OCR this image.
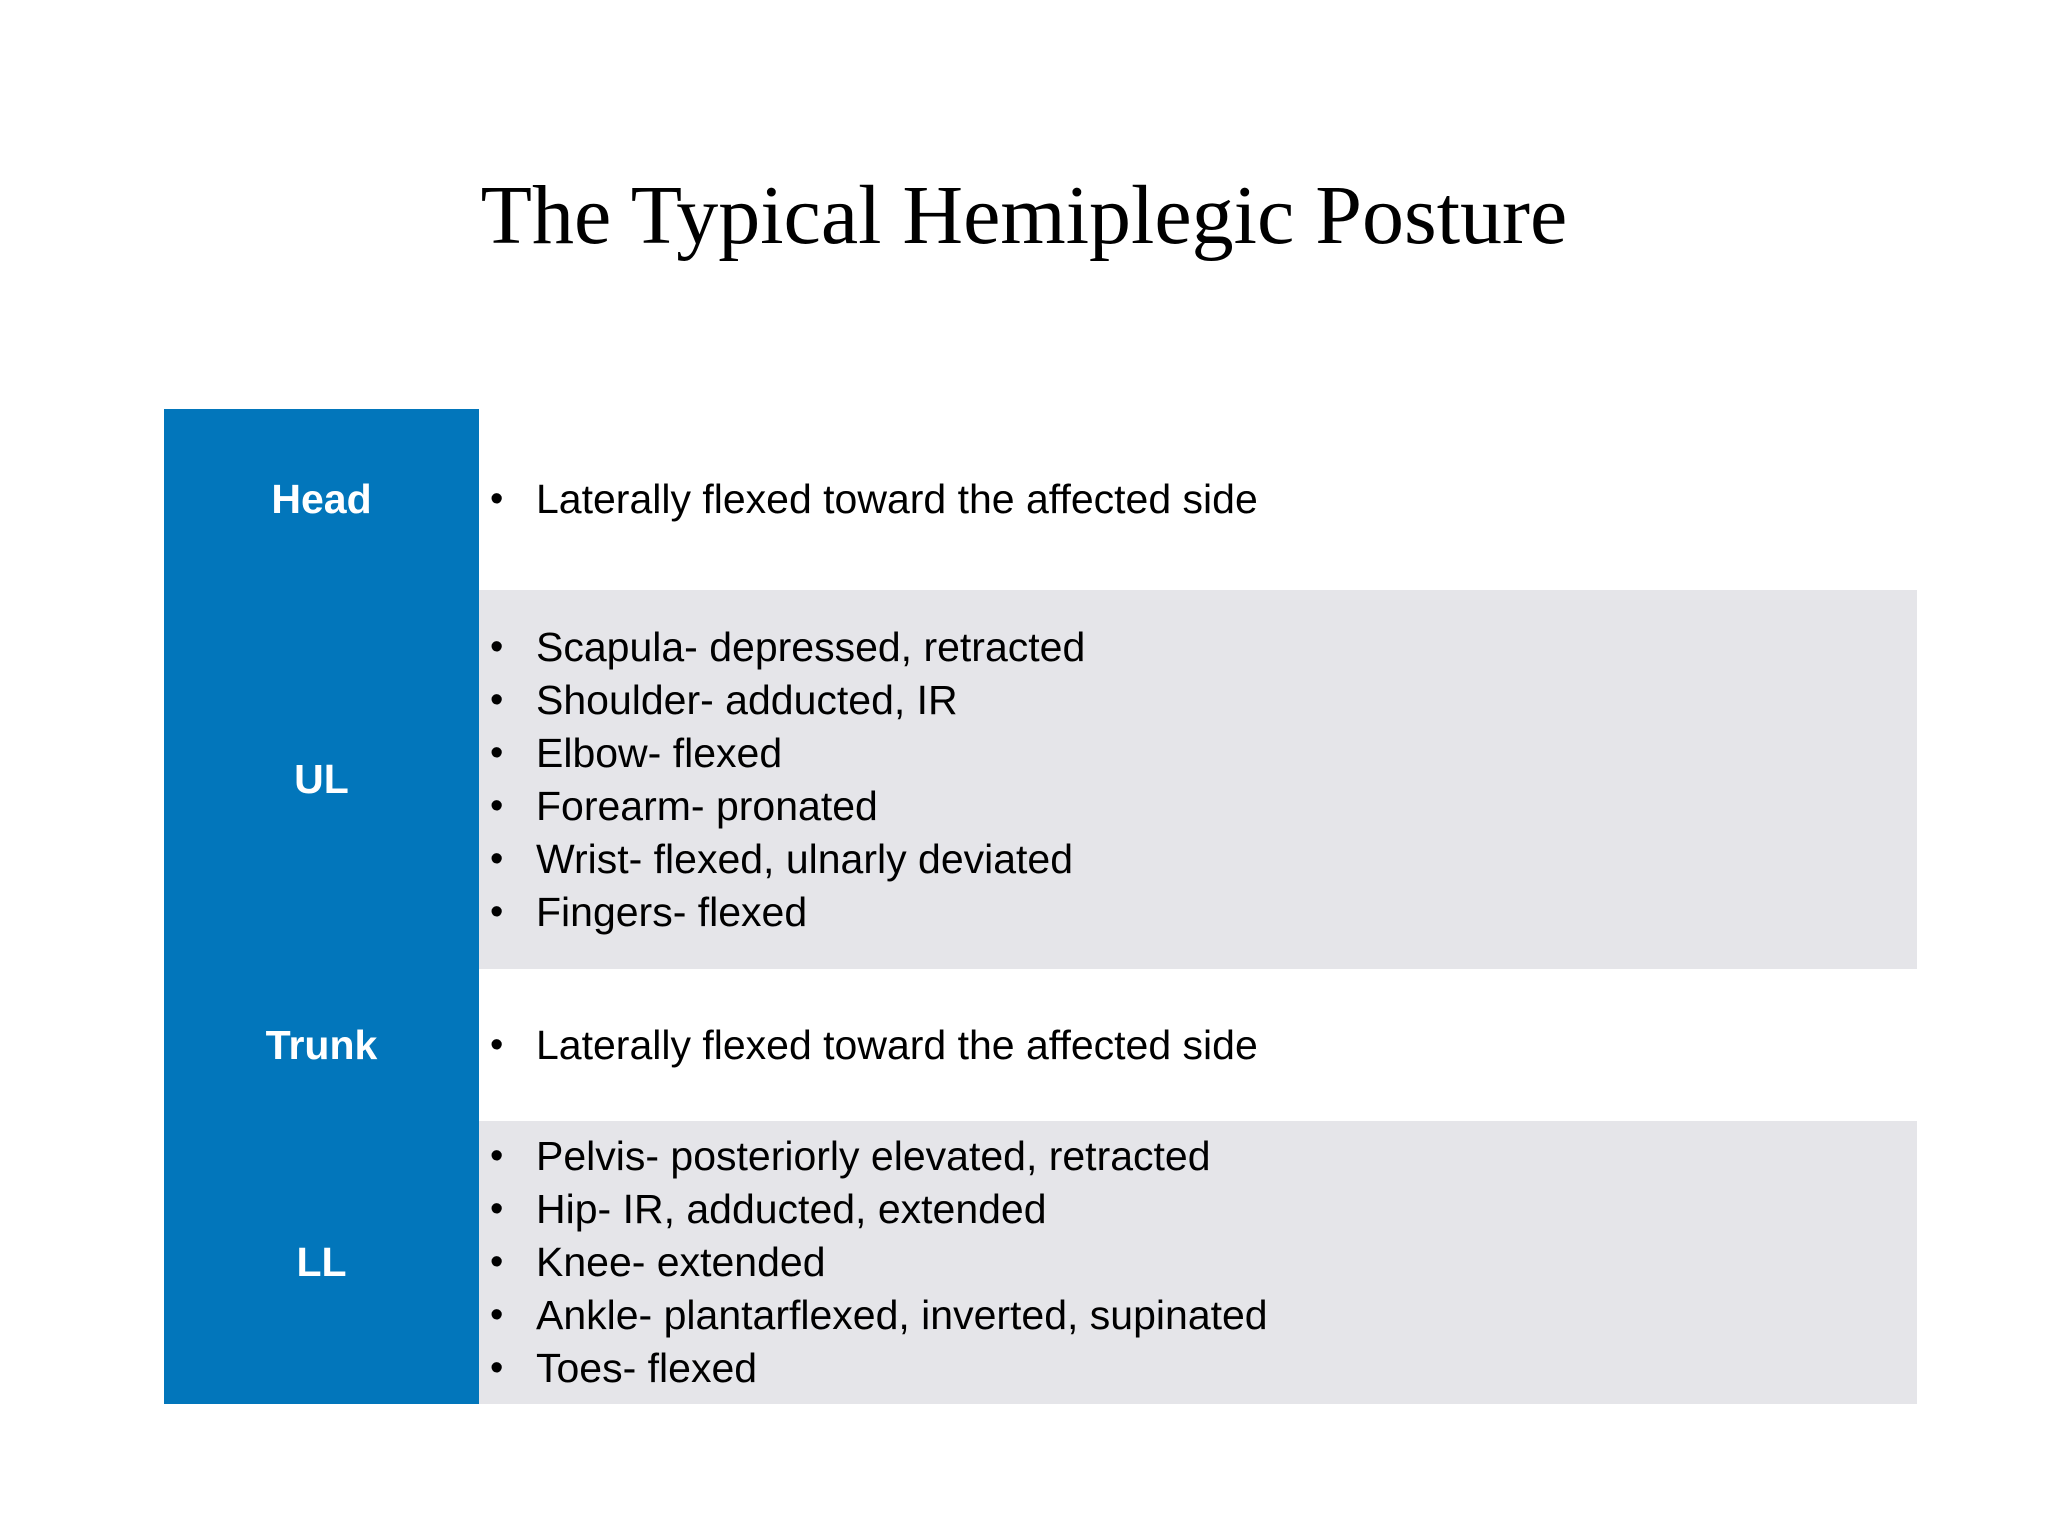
The Typical Hemiplegic Posture
Head	• Laterally flexed toward the affected side
UL
• Scapula- depressed, retracted
• Shoulder- adducted, IR
• Elbow- flexed
• Forearm- pronated
• Wrist- flexed, ulnarly deviated
• Fingers- flexed
Trunk	• Laterally flexed toward the affected side
LL
• Pelvis- posteriorly elevated, retracted
• Hip- IR, adducted, extended
• Knee- extended
• Ankle- plantarflexed, inverted, supinated
• Toes- flexed
